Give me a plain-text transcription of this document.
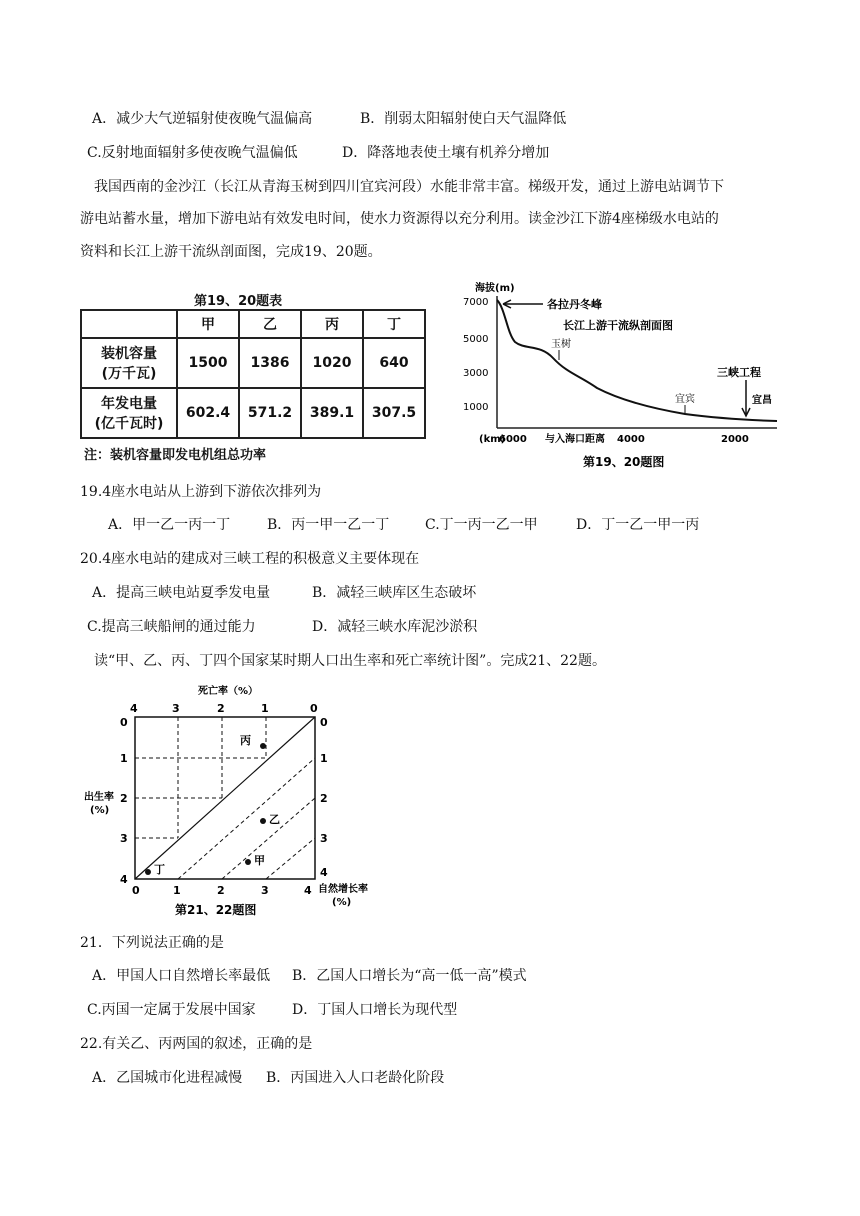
A．减少大气逆辐射使夜晚气温偏高	B．削弱太阳辐射使白天气温降低
C.反射地面辐射多使夜晚气温偏低	D．降落地表使土壤有机养分增加
我国西南的金沙江（长江从青海玉树到四川宜宾河段）水能非常丰富。梯级开发，通过上游电站调节下
游电站蓄水量，增加下游电站有效发电时间，使水力资源得以充分利用。读金沙江下游4座梯级水电站的
资料和长江上游干流纵剖面图，完成19、20题。
第19、20题表
	甲	乙	丙	丁
装机容量
(万千瓦)	1500	1386	1020	640
年发电量
(亿千瓦时)	602.4	571.2	389.1	307.5
注：装机容量即发电机组总功率
海拔(m)
7000
5000
3000
1000
(km)
6000 与入海口距离 4000	2000
各拉丹冬峰
长江上游干流纵剖面图
玉树
宜宾
三峡工程
宜昌
第19、20题图
19.4座水电站从上游到下游依次排列为
A．甲一乙一丙一丁	B．丙一甲一乙一丁	C.丁一丙一乙一甲	D．丁一乙一甲一丙
20.4座水电站的建成对三峡工程的积极意义主要体现在
A．提高三峡电站夏季发电量	B．减轻三峡库区生态破坏
C.提高三峡船闸的通过能力	D．减轻三峡水库泥沙淤积
读“甲、乙、丙、丁四个国家某时期人口出生率和死亡率统计图”。完成21、22题。
死亡率（%）
0
4	3	2	1	0
1
2
3
4
0
1
2
3
4
0	1	2	3	4
出生率
(%)
自然增长率
(%)
丙
乙
甲
丁
第21、22题图
21．下列说法正确的是
A．甲国人口自然增长率最低 B．乙国人口增长为“高一低一高”模式
C.丙国一定属于发展中国家	D．丁国人口增长为现代型
22.有关乙、丙两国的叙述，正确的是
A．乙国城市化进程减慢 B．丙国进入人口老龄化阶段
